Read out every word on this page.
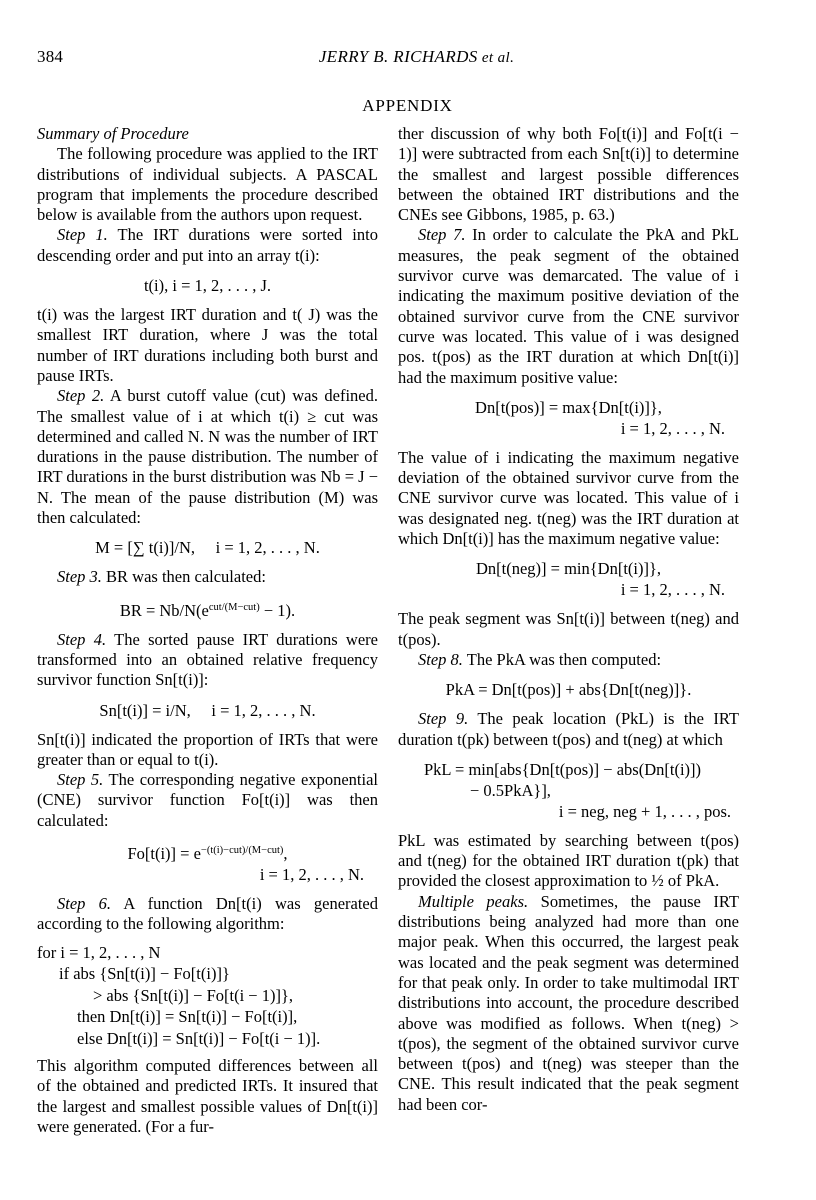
384	JERRY B. RICHARDS et al.
APPENDIX
Summary of Procedure

The following procedure was applied to the IRT distributions of individual subjects. A PASCAL program that implements the procedure described below is available from the authors upon request.

Step 1. The IRT durations were sorted into descending order and put into an array t(i):

t(i), i = 1, 2, . . . , J.

t(i) was the largest IRT duration and t( J) was the smallest IRT duration, where J was the total number of IRT durations including both burst and pause IRTs.

Step 2. A burst cutoff value (cut) was defined. The smallest value of i at which t(i) ≥ cut was determined and called N. N was the number of IRT durations in the pause distribution. The number of IRT durations in the burst distribution was Nb = J − N. The mean of the pause distribution (M) was then calculated:

M = [∑ t(i)]/N, i = 1, 2, . . . , N.

Step 3. BR was then calculated:

BR = $Nb/N(e^{cut/(M-cut)} - 1)$.

Step 4. The sorted pause IRT durations were transformed into an obtained relative frequency survivor function Sn[t(i)]:

Sn[t(i)] = i/N, i = 1, 2, . . . , N.

Sn[t(i)] indicated the proportion of IRTs that were greater than or equal to t(i).

Step 5. The corresponding negative exponential (CNE) survivor function Fo[t(i)] was then calculated:

$Fo[t(i)] = e^{-(t(i)-cut)/(M-cut)}$,
i = 1, 2, . . . , N.

Step 6. A function Dn[t(i) was generated according to the following algorithm:

for i = 1, 2, . . . , N
if abs {Sn[t(i)] − Fo[t(i)]}
> abs {Sn[t(i)] − Fo[t(i − 1)]},
then Dn[t(i)] = Sn[t(i)] − Fo[t(i)],
else Dn[t(i)] = Sn[t(i)] − Fo[t(i − 1)].

This algorithm computed differences between all of the obtained and predicted IRTs. It insured that the largest and smallest possible values of Dn[t(i)] were generated. (For a fur-

ther discussion of why both Fo[t(i)] and Fo[t(i − 1)] were subtracted from each Sn[t(i)] to determine the smallest and largest possible differences between the obtained IRT distributions and the CNEs see Gibbons, 1985, p. 63.)

Step 7. In order to calculate the PkA and PkL measures, the peak segment of the obtained survivor curve was demarcated. The value of i indicating the maximum positive deviation of the obtained survivor curve from the CNE survivor curve was located. This value of i was designed pos. t(pos) as the IRT duration at which Dn[t(i)] had the maximum positive value:

Dn[t(pos)] = max{Dn[t(i)]},
i = 1, 2, . . . , N.

The value of i indicating the maximum negative deviation of the obtained survivor curve from the CNE survivor curve was located. This value of i was designated neg. t(neg) was the IRT duration at which Dn[t(i)] has the maximum negative value:

Dn[t(neg)] = min{Dn[t(i)]},
i = 1, 2, . . . , N.

The peak segment was Sn[t(i)] between t(neg) and t(pos).

Step 8. The PkA was then computed:

PkA = Dn[t(pos)] + abs{Dn[t(neg)]}.

Step 9. The peak location (PkL) is the IRT duration t(pk) between t(pos) and t(neg) at which

PkL = min[abs{Dn[t(pos)] − abs(Dn[t(i)])
− 0.5PkA}],
i = neg, neg + 1, . . . , pos.

PkL was estimated by searching between t(pos) and t(neg) for the obtained IRT duration t(pk) that provided the closest approximation to ½ of PkA.

Multiple peaks. Sometimes, the pause IRT distributions being analyzed had more than one major peak. When this occurred, the largest peak was located and the peak segment was determined for that peak only. In order to take multimodal IRT distributions into account, the procedure described above was modified as follows. When t(neg) > t(pos), the segment of the obtained survivor curve between t(pos) and t(neg) was steeper than the CNE. This result indicated that the peak segment had been cor-
